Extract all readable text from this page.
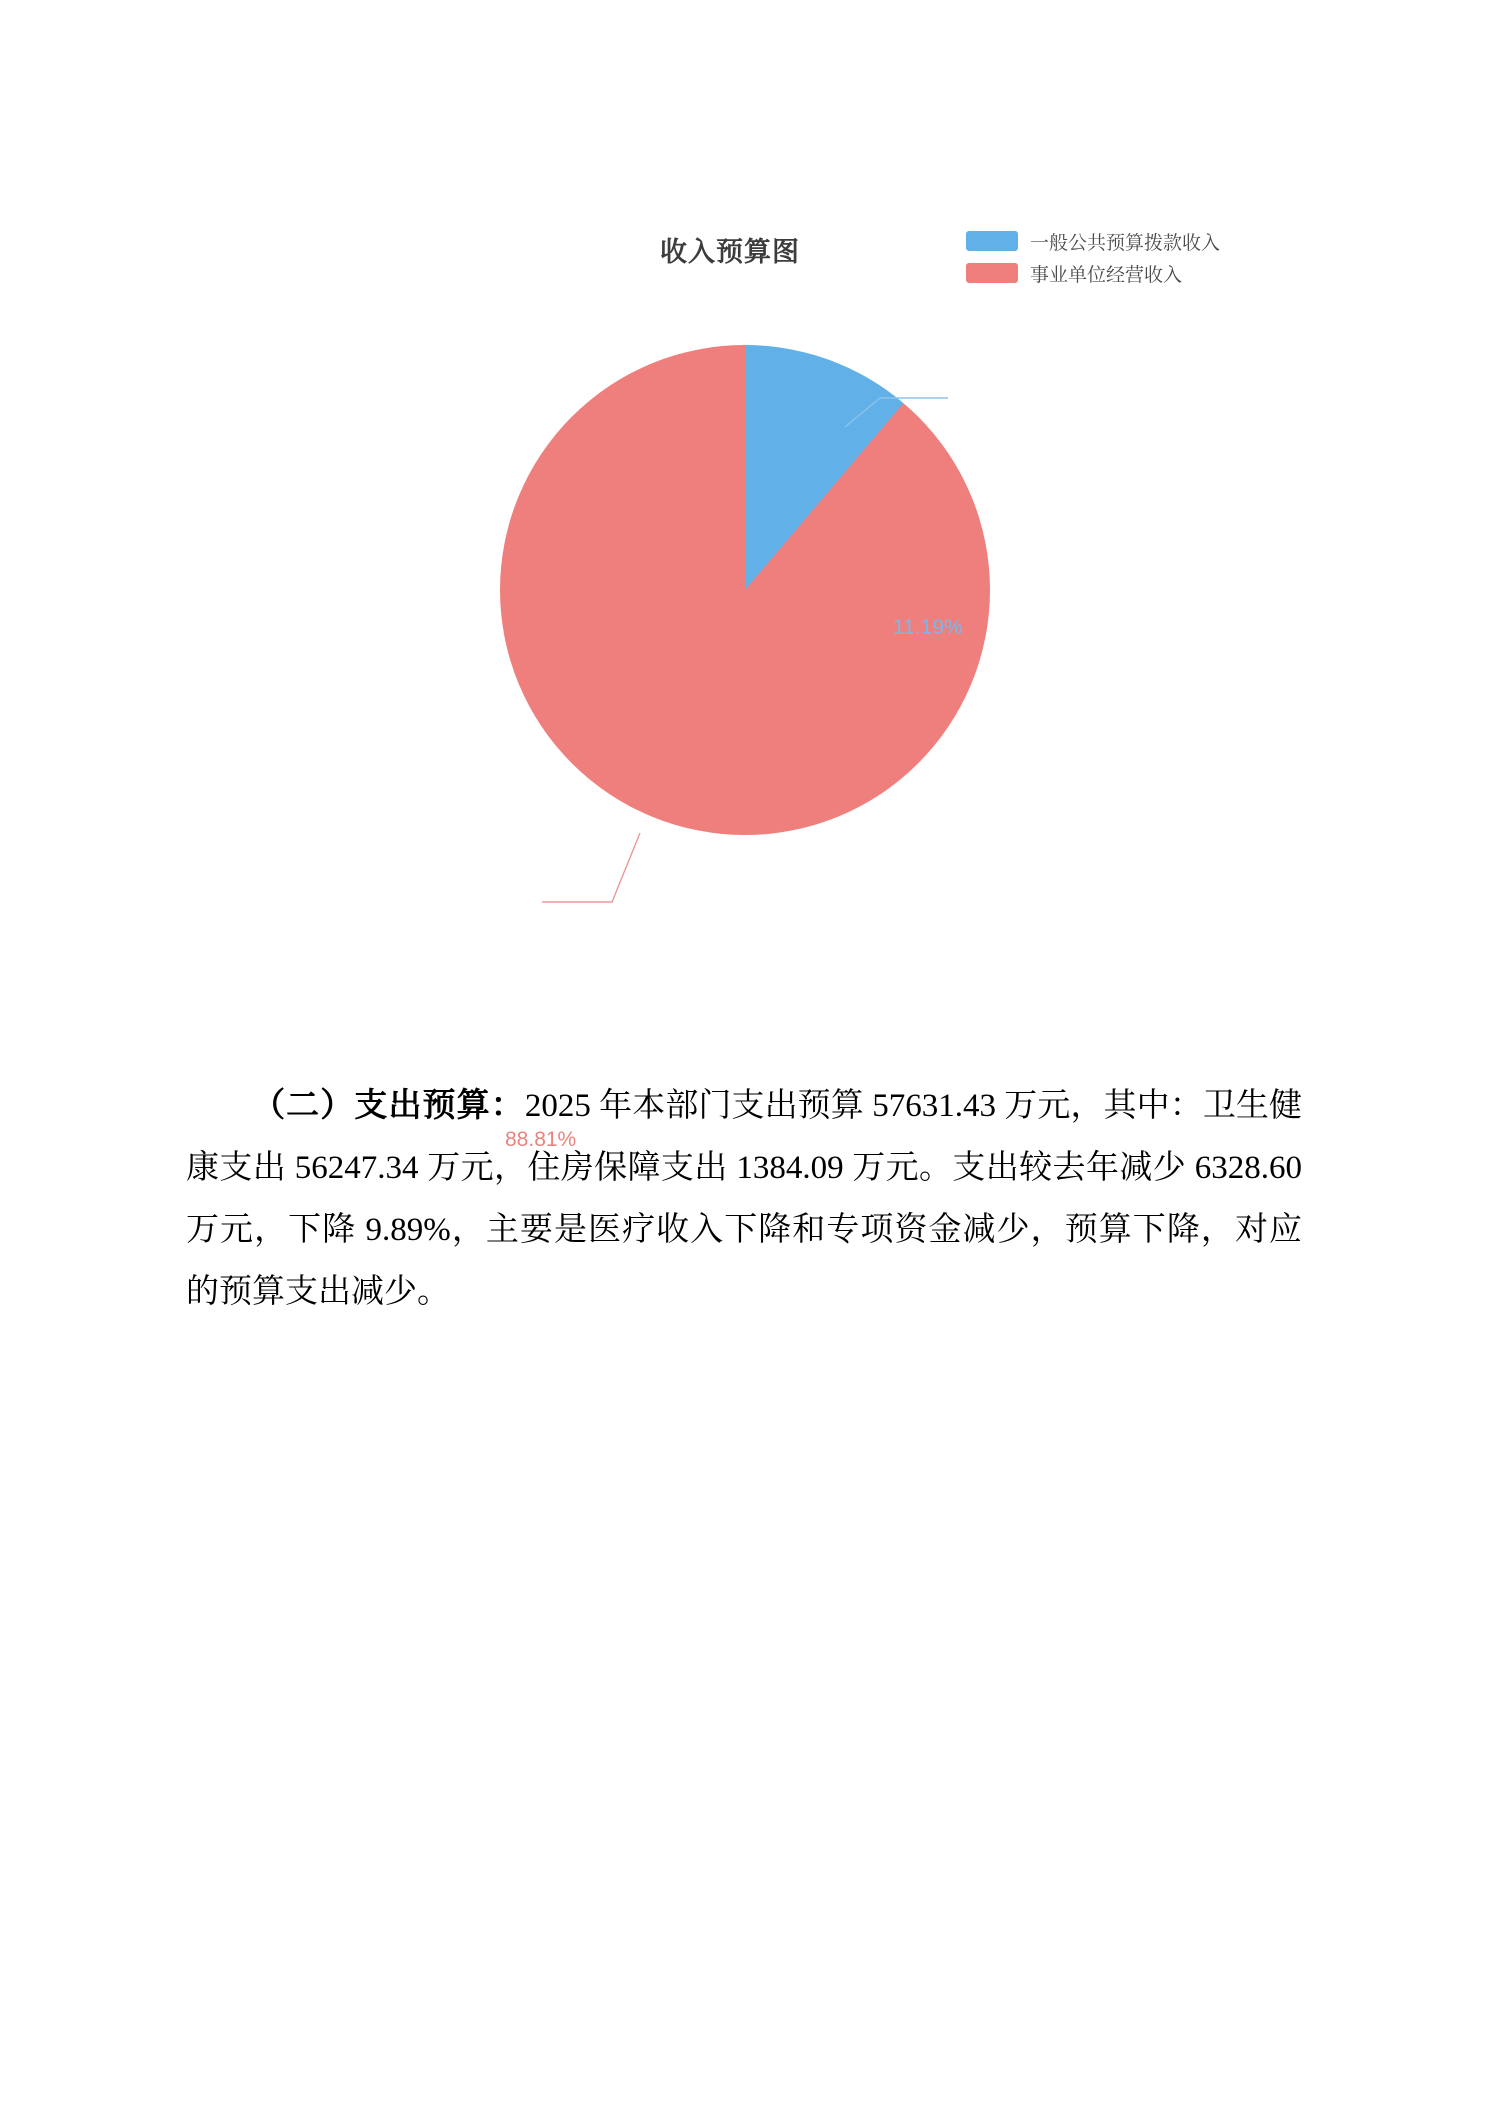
收入预算图	一般公共预算拨款收入
事业单位经营收入
11.19%
88.81%
（二）支出预算：2025 年本部门支出预算 57631.43 万元，其中：卫生健康支出 56247.34 万元，住房保障支出 1384.09 万元。支出较去年减少 6328.60 万元，下降 9.89%，主要是医疗收入下降和专项资金减少，预算下降，对应的预算支出减少。
